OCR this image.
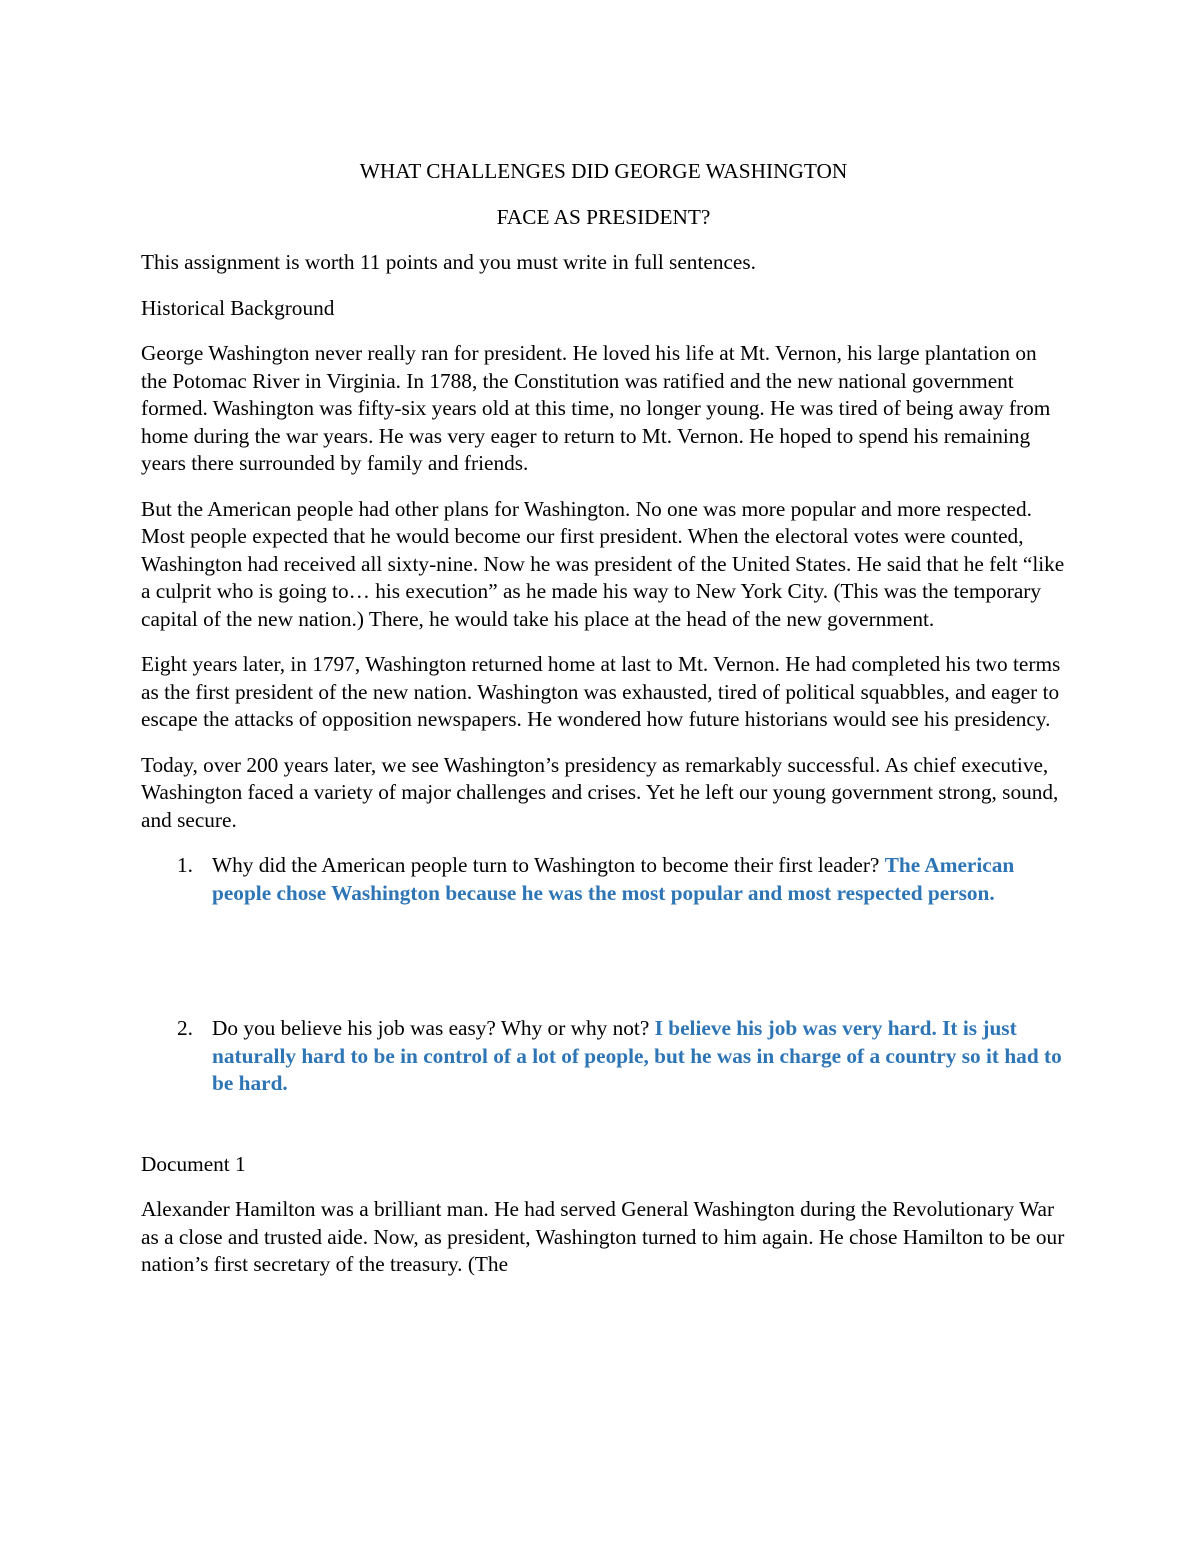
WHAT CHALLENGES DID GEORGE WASHINGTON
FACE AS PRESIDENT?

This assignment is worth 11 points and you must write in full sentences.

Historical Background

George Washington never really ran for president. He loved his life at Mt. Vernon, his large plantation on the Potomac River in Virginia. In 1788, the Constitution was ratified and the new national government formed. Washington was fifty-six years old at this time, no longer young. He was tired of being away from home during the war years. He was very eager to return to Mt. Vernon. He hoped to spend his remaining years there surrounded by family and friends.

But the American people had other plans for Washington. No one was more popular and more respected. Most people expected that he would become our first president. When the electoral votes were counted, Washington had received all sixty-nine. Now he was president of the United States. He said that he felt “like a culprit who is going to… his execution” as he made his way to New York City. (This was the temporary capital of the new nation.) There, he would take his place at the head of the new government.

Eight years later, in 1797, Washington returned home at last to Mt. Vernon. He had completed his two terms as the first president of the new nation. Washington was exhausted, tired of political squabbles, and eager to escape the attacks of opposition newspapers. He wondered how future historians would see his presidency.

Today, over 200 years later, we see Washington’s presidency as remarkably successful. As chief executive, Washington faced a variety of major challenges and crises. Yet he left our young government strong, sound, and secure.

1. Why did the American people turn to Washington to become their first leader? The American people chose Washington because he was the most popular and most respected person.
2. Do you believe his job was easy? Why or why not? I believe his job was very hard. It is just naturally hard to be in control of a lot of people, but he was in charge of a country so it had to be hard.

Document 1

Alexander Hamilton was a brilliant man. He had served General Washington during the Revolutionary War as a close and trusted aide. Now, as president, Washington turned to him again. He chose Hamilton to be our nation’s first secretary of the treasury. (The
